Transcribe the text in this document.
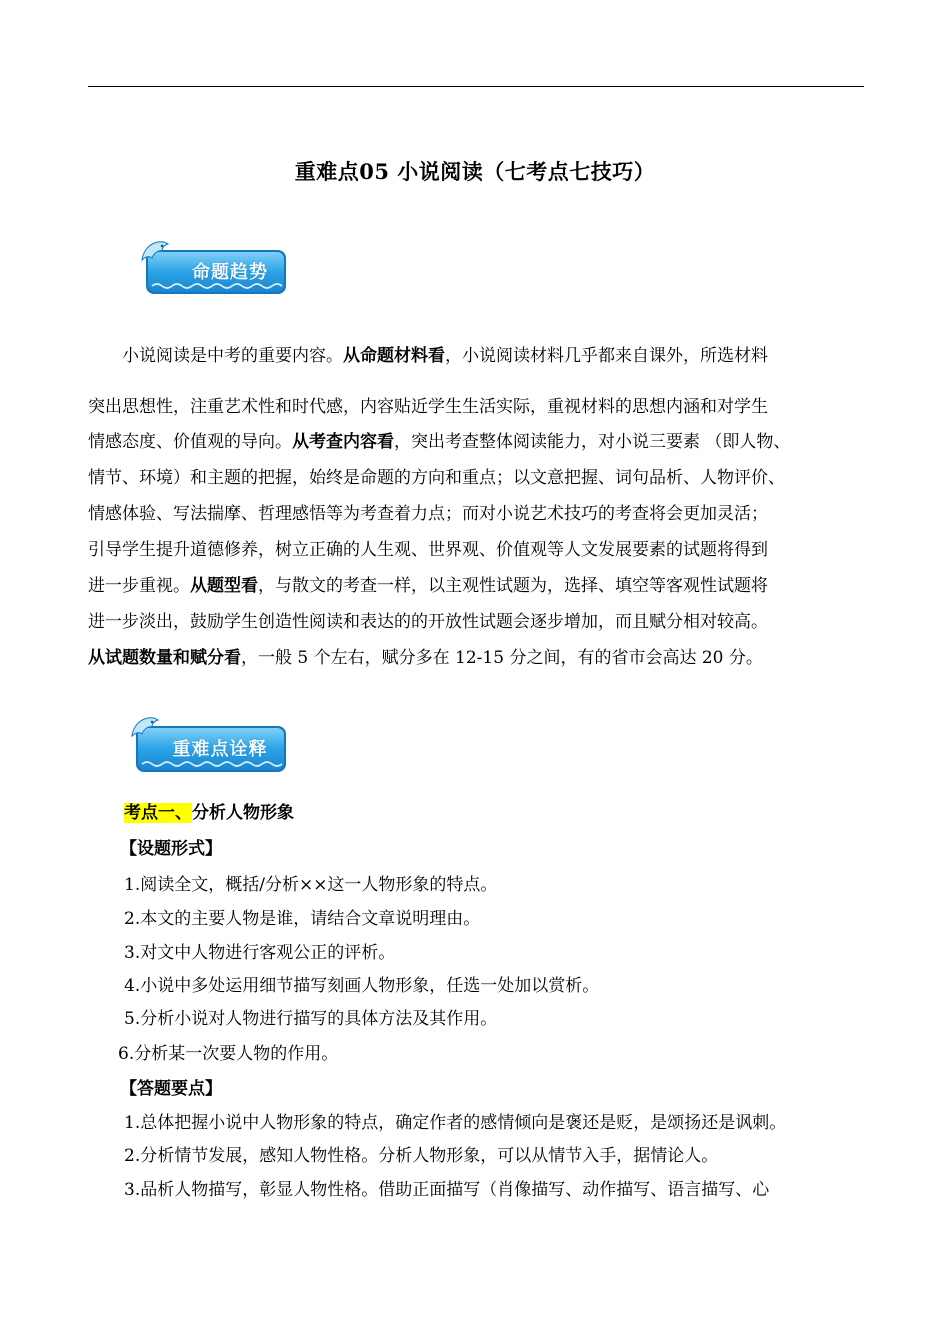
重难点05 小说阅读（七考点七技巧）
命题趋势
小说阅读是中考的重要内容。从命题材料看，小说阅读材料几乎都来自课外，所选材料
突出思想性，注重艺术性和时代感，内容贴近学生生活实际，重视材料的思想内涵和对学生
情感态度、价值观的导向。从考查内容看，突出考查整体阅读能力，对小说三要素 （即人物、
情节、环境）和主题的把握，始终是命题的方向和重点；以文意把握、词句品析、人物评价、
情感体验、写法揣摩、哲理感悟等为考查着力点；而对小说艺术技巧的考查将会更加灵活；
引导学生提升道德修养，树立正确的人生观、世界观、价值观等人文发展要素的试题将得到
进一步重视。从题型看，与散文的考查一样，以主观性试题为，选择、填空等客观性试题将
进一步淡出，鼓励学生创造性阅读和表达的的开放性试题会逐步增加，而且赋分相对较高。
从试题数量和赋分看，一般 5 个左右，赋分多在 12-15 分之间，有的省市会高达 20 分。
重难点诠释
考点一、分析人物形象
【设题形式】
1.阅读全文，概括/分析××这一人物形象的特点。
2.本文的主要人物是谁，请结合文章说明理由。
3.对文中人物进行客观公正的评析。
4.小说中多处运用细节描写刻画人物形象，任选一处加以赏析。
5.分析小说对人物进行描写的具体方法及其作用。
6.分析某一次要人物的作用。
【答题要点】
1.总体把握小说中人物形象的特点，确定作者的感情倾向是褒还是贬，是颂扬还是讽刺。
2.分析情节发展，感知人物性格。分析人物形象，可以从情节入手，据情论人。
3.品析人物描写，彰显人物性格。借助正面描写（肖像描写、动作描写、语言描写、心
